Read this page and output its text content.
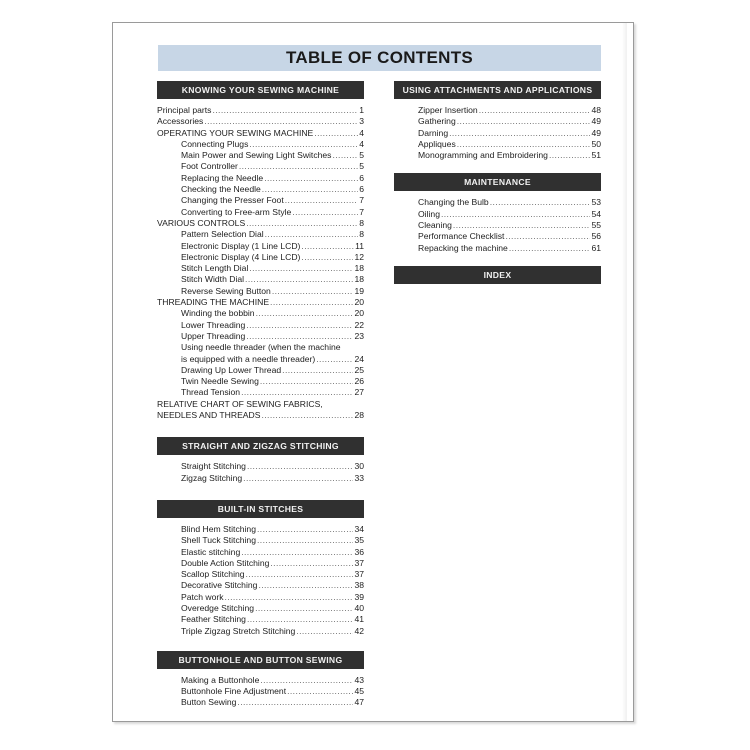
TABLE OF CONTENTS
KNOWING YOUR SEWING MACHINE
Principal parts .....	1
Accessories .....	3
OPERATING YOUR SEWING MACHINE .....	4
Connecting Plugs .....	4
Main Power and Sewing Light Switches .....	5
Foot Controller .....	5
Replacing the Needle .....	6
Checking the Needle .....	6
Changing the Presser Foot .....	7
Converting to Free-arm Style .....	7
VARIOUS CONTROLS .....	8
Pattern Selection Dial .....	8
Electronic Display (1 Line LCD) .....	11
Electronic Display (4 Line LCD) .....	12
Stitch Length Dial .....	18
Stitch Width Dial .....	18
Reverse Sewing Button .....	19
THREADING THE MACHINE .....	20
Winding the bobbin .....	20
Lower Threading .....	22
Upper Threading .....	23
Using needle threader (when the machine
is equipped with a needle threader) .....	24
Drawing Up Lower Thread .....	25
Twin Needle Sewing .....	26
Thread Tension .....	27
RELATIVE CHART OF SEWING FABRICS,
NEEDLES AND THREADS .....	28
STRAIGHT AND ZIGZAG STITCHING
Straight Stitching .....	30
Zigzag Stitching .....	33
BUILT-IN STITCHES
Blind Hem Stitching .....	34
Shell Tuck Stitching .....	35
Elastic stitching .....	36
Double Action Stitching .....	37
Scallop Stitching .....	37
Decorative Stitching .....	38
Patch work .....	39
Overedge Stitching .....	40
Feather Stitching .....	41
Triple Zigzag Stretch Stitching .....	42
BUTTONHOLE AND BUTTON SEWING
Making a Buttonhole .....	43
Buttonhole Fine Adjustment .....	45
Button Sewing .....	47
USING ATTACHMENTS AND APPLICATIONS
Zipper Insertion .....	48
Gathering .....	49
Darning .....	49
Appliques .....	50
Monogramming and Embroidering .....	51
MAINTENANCE
Changing the Bulb .....	53
Oiling .....	54
Cleaning .....	55
Performance Checklist .....	56
Repacking the machine .....	61
INDEX
